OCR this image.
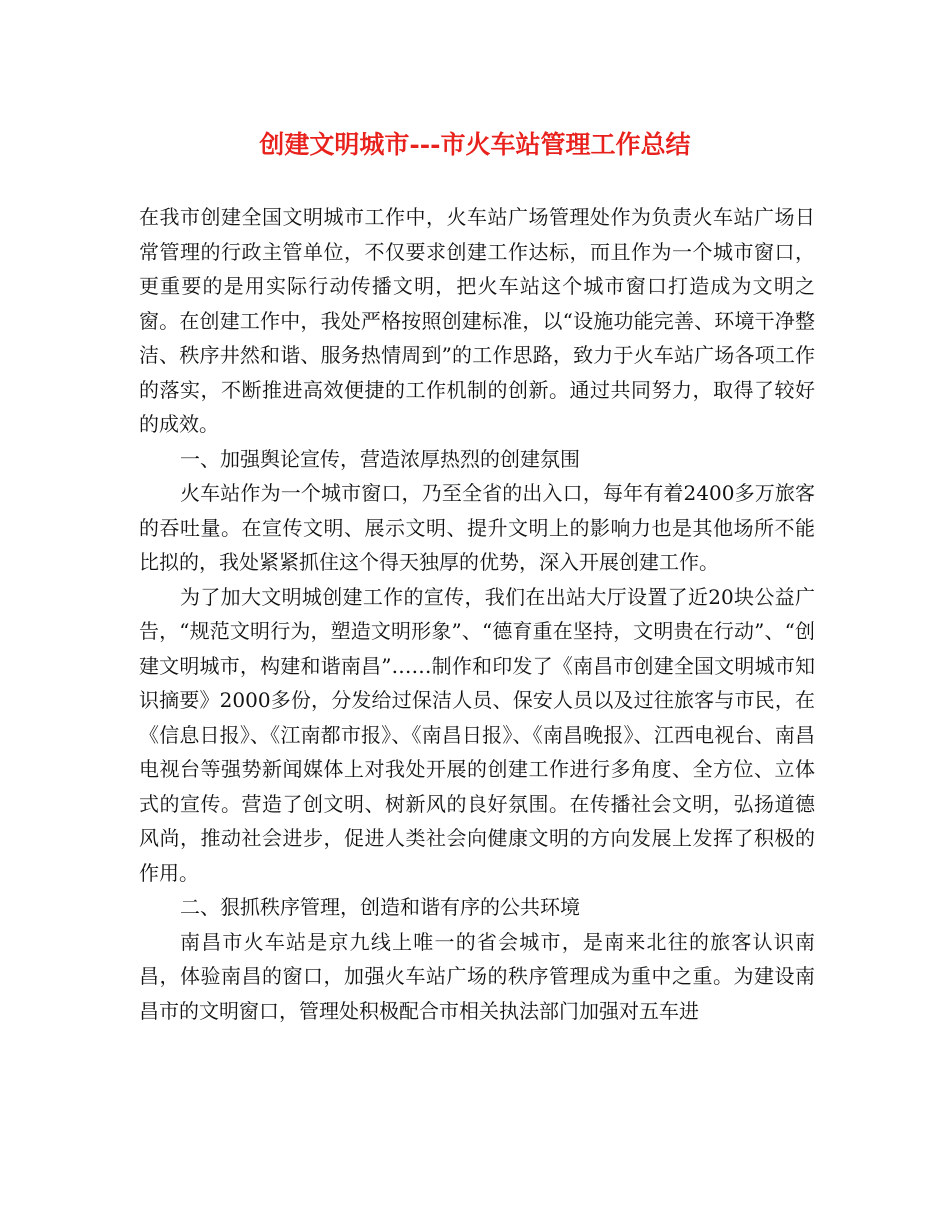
创建文明城市---市火车站管理工作总结

在我市创建全国文明城市工作中，火车站广场管理处作为负责火车站广场日常管理的行政主管单位，不仅要求创建工作达标，而且作为一个城市窗口，更重要的是用实际行动传播文明，把火车站这个城市窗口打造成为文明之窗。在创建工作中，我处严格按照创建标准，以“设施功能完善、环境干净整洁、秩序井然和谐、服务热情周到”的工作思路，致力于火车站广场各项工作的落实，不断推进高效便捷的工作机制的创新。通过共同努力，取得了较好的成效。

一、加强舆论宣传，营造浓厚热烈的创建氛围

火车站作为一个城市窗口，乃至全省的出入口，每年有着2400多万旅客的吞吐量。在宣传文明、展示文明、提升文明上的影响力也是其他场所不能比拟的，我处紧紧抓住这个得天独厚的优势，深入开展创建工作。

为了加大文明城创建工作的宣传，我们在出站大厅设置了近20块公益广告，“规范文明行为，塑造文明形象”、“德育重在坚持，文明贵在行动”、“创建文明城市，构建和谐南昌”……制作和印发了《南昌市创建全国文明城市知识摘要》2000多份，分发给过保洁人员、保安人员以及过往旅客与市民，在《信息日报》、《江南都市报》、《南昌日报》、《南昌晚报》、江西电视台、南昌电视台等强势新闻媒体上对我处开展的创建工作进行多角度、全方位、立体式的宣传。营造了创文明、树新风的良好氛围。在传播社会文明，弘扬道德风尚，推动社会进步，促进人类社会向健康文明的方向发展上发挥了积极的作用。

二、狠抓秩序管理，创造和谐有序的公共环境

南昌市火车站是京九线上唯一的省会城市，是南来北往的旅客认识南昌，体验南昌的窗口，加强火车站广场的秩序管理成为重中之重。为建设南昌市的文明窗口，管理处积极配合市相关执法部门加强对五车进
